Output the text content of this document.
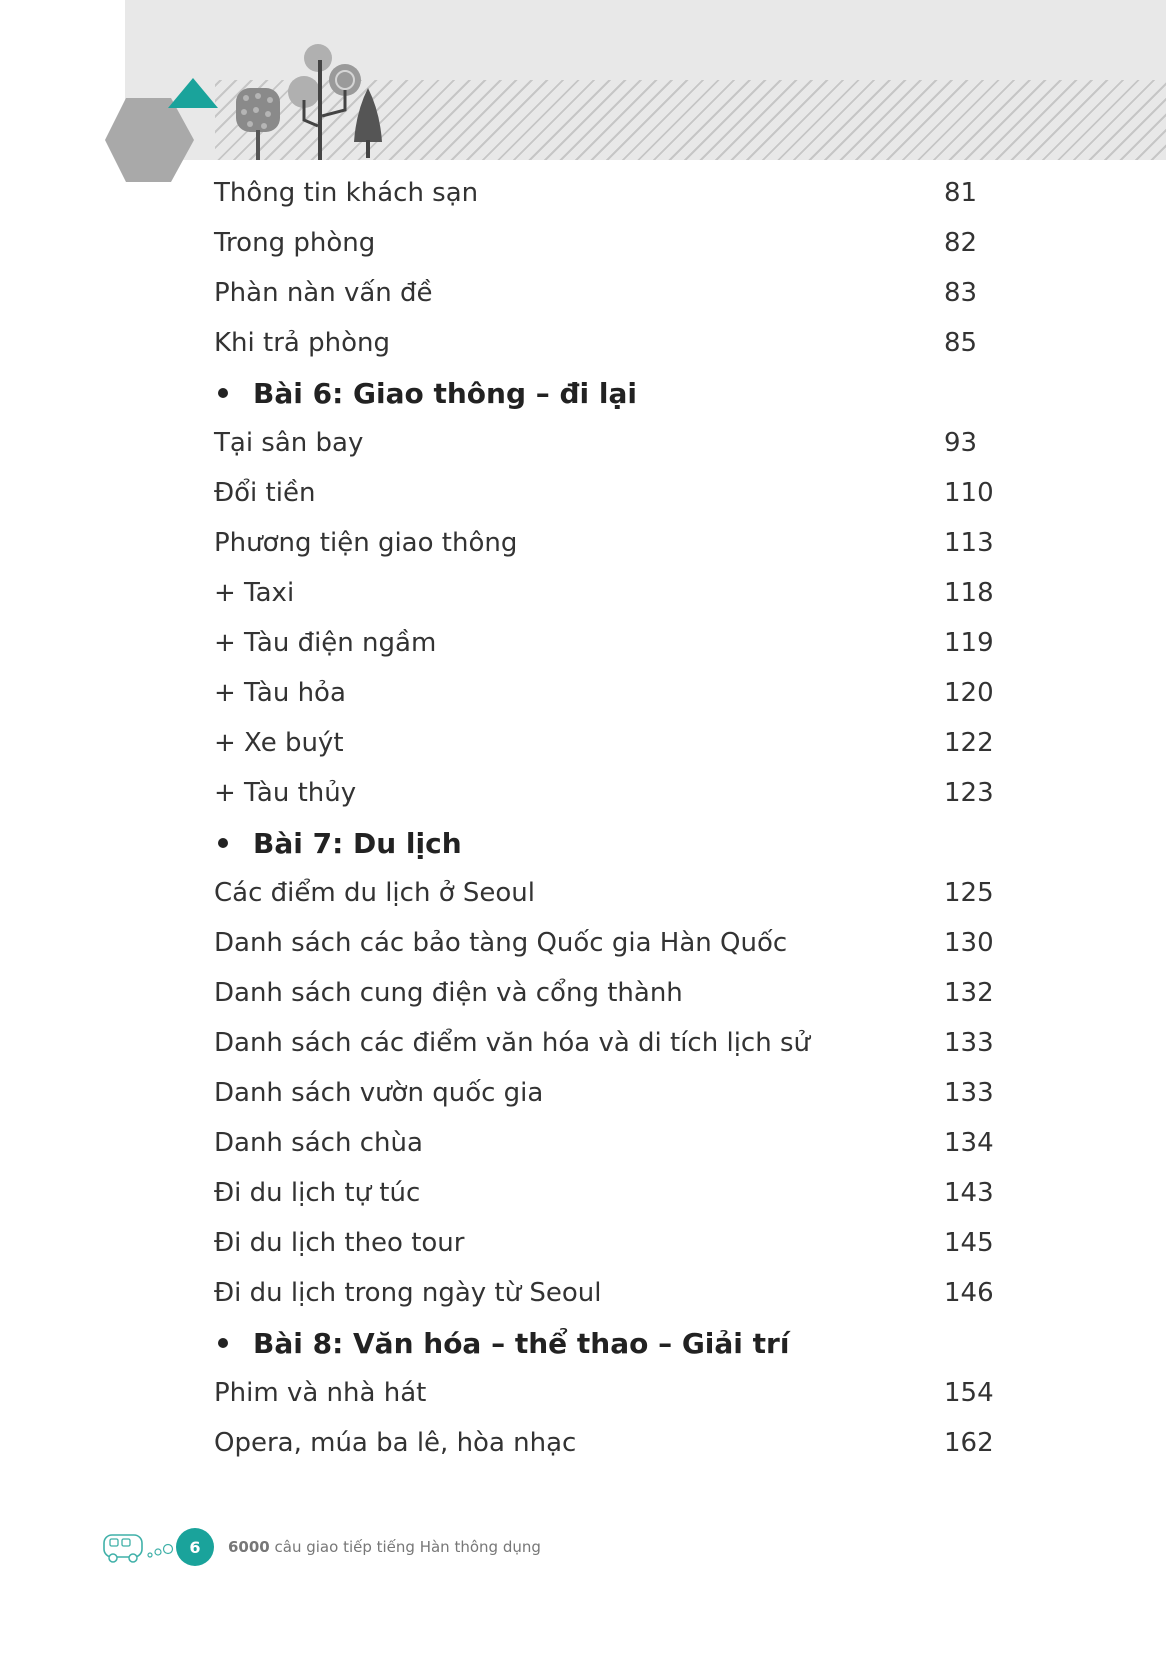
Thông tin khách sạn	81
Trong phòng	82
Phàn nàn vấn đề	83
Khi trả phòng	85
Bài 6: Giao thông – đi lại
Tại sân bay	93
Đổi tiền	110
Phương tiện giao thông	113
+ Taxi	118
+ Tàu điện ngầm	119
+ Tàu hỏa	120
+ Xe buýt	122
+ Tàu thủy	123
Bài 7: Du lịch
Các điểm du lịch ở Seoul	125
Danh sách các bảo tàng Quốc gia Hàn Quốc	130
Danh sách cung điện và cổng thành	132
Danh sách các điểm văn hóa và di tích lịch sử	133
Danh sách vườn quốc gia	133
Danh sách chùa	134
Đi du lịch tự túc	143
Đi du lịch theo tour	145
Đi du lịch trong ngày từ Seoul	146
Bài 8: Văn hóa – thể thao – Giải trí
Phim và nhà hát	154
Opera, múa ba lê, hòa nhạc	162
6	6000 câu giao tiếp tiếng Hàn thông dụng
